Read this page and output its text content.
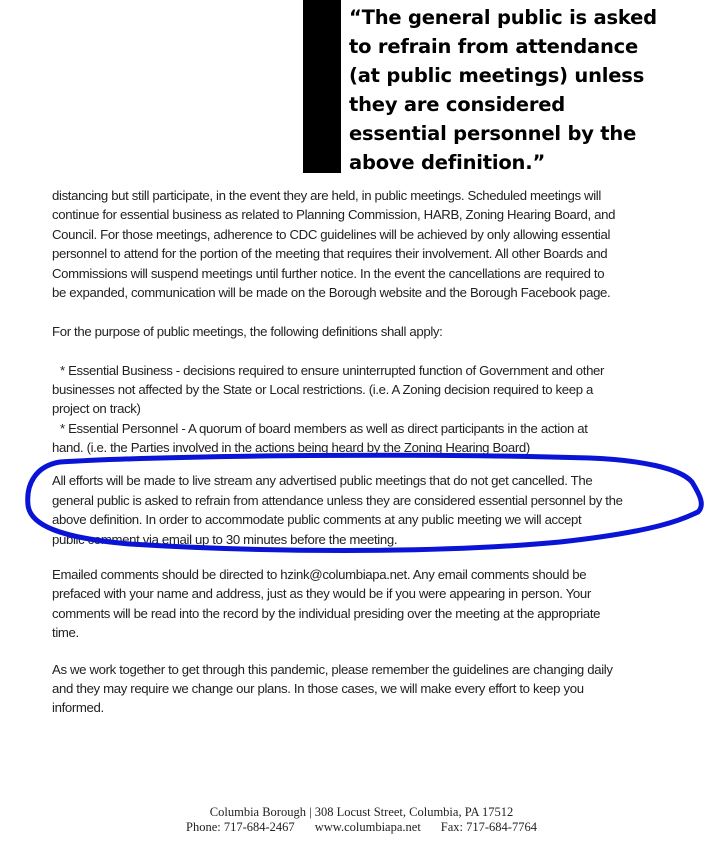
“The general public is asked
to refrain from attendance
(at public meetings) unless
they are considered
essential personnel by the
above definition.”
distancing but still participate, in the event they are held, in public meetings. Scheduled meetings will
continue for essential business as related to Planning Commission, HARB, Zoning Hearing Board, and
Council. For those meetings, adherence to CDC guidelines will be achieved by only allowing essential
personnel to attend for the portion of the meeting that requires their involvement. All other Boards and
Commissions will suspend meetings until further notice. In the event the cancellations are required to
be expanded, communication will be made on the Borough website and the Borough Facebook page.
For the purpose of public meetings, the following definitions shall apply:
* Essential Business - decisions required to ensure uninterrupted function of Government and other
businesses not affected by the State or Local restrictions. (i.e. A Zoning decision required to keep a
project on track)
* Essential Personnel - A quorum of board members as well as direct participants in the action at
hand. (i.e. the Parties involved in the actions being heard by the Zoning Hearing Board)
All efforts will be made to live stream any advertised public meetings that do not get cancelled. The
general public is asked to refrain from attendance unless they are considered essential personnel by the
above definition. In order to accommodate public comments at any public meeting we will accept
public comment via email up to 30 minutes before the meeting.
Emailed comments should be directed to hzink@columbiapa.net. Any email comments should be
prefaced with your name and address, just as they would be if you were appearing in person. Your
comments will be read into the record by the individual presiding over the meeting at the appropriate
time.
As we work together to get through this pandemic, please remember the guidelines are changing daily
and they may require we change our plans. In those cases, we will make every effort to keep you
informed.
Columbia Borough | 308 Locust Street, Columbia, PA 17512
Phone: 717-684-2467 www.columbiapa.net Fax: 717-684-7764
